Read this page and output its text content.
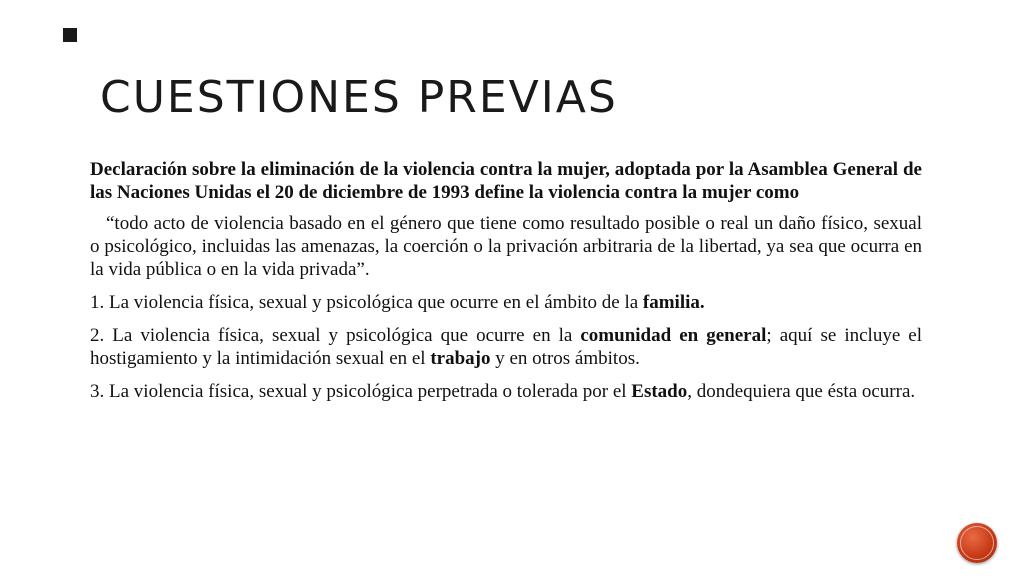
CUESTIONES PREVIAS

Declaración sobre la eliminación de la violencia contra la mujer, adoptada por la Asamblea General de las Naciones Unidas el 20 de diciembre de 1993 define la violencia contra la mujer como

“todo acto de violencia basado en el género que tiene como resultado posible o real un daño físico, sexual o psicológico, incluidas las amenazas, la coerción o la privación arbitraria de la libertad, ya sea que ocurra en la vida pública o en la vida privada”.

1. La violencia física, sexual y psicológica que ocurre en el ámbito de la familia.

2. La violencia física, sexual y psicológica que ocurre en la comunidad en general; aquí se incluye el hostigamiento y la intimidación sexual en el trabajo y en otros ámbitos.

3. La violencia física, sexual y psicológica perpetrada o tolerada por el Estado, dondequiera que ésta ocurra.
